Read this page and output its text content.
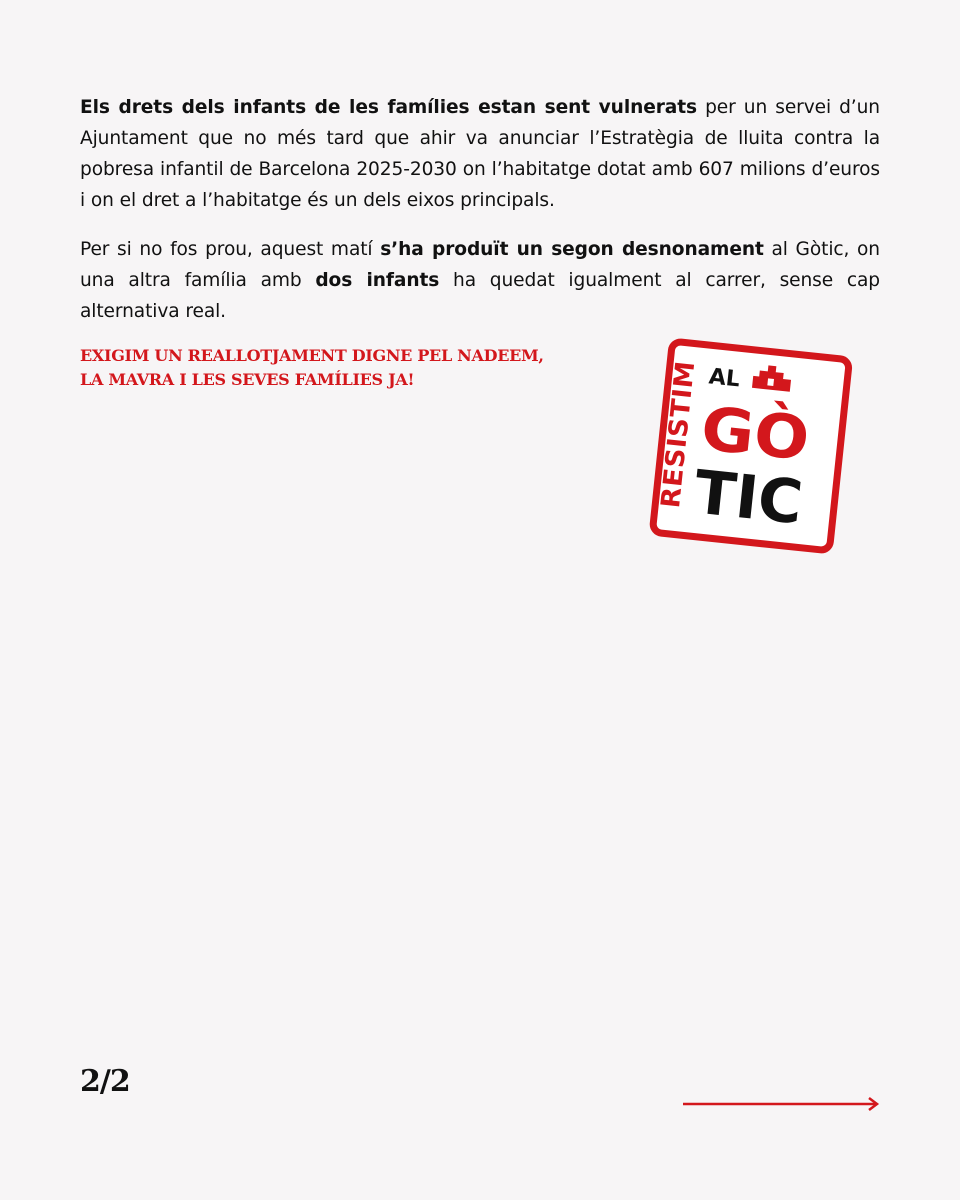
Els drets dels infants de les famílies estan sent vulnerats per un servei d’un Ajuntament que no més tard que ahir va anunciar l’Estratègia de lluita contra la pobresa infantil de Barcelona 2025-2030 on l’habitatge dotat amb 607 milions d’euros i on el dret a l’habitatge és un dels eixos principals.

Per si no fos prou, aquest matí s’ha produït un segon desnonament al Gòtic, on una altra família amb dos infants ha quedat igualment al carrer, sense cap alternativa real.

EXIGIM UN REALLOTJAMENT DIGNE PEL NADEEM,
LA MAVRA I LES SEVES FAMÍLIES JA!	RESISTIM AL
GÒ
TIC
2/2
